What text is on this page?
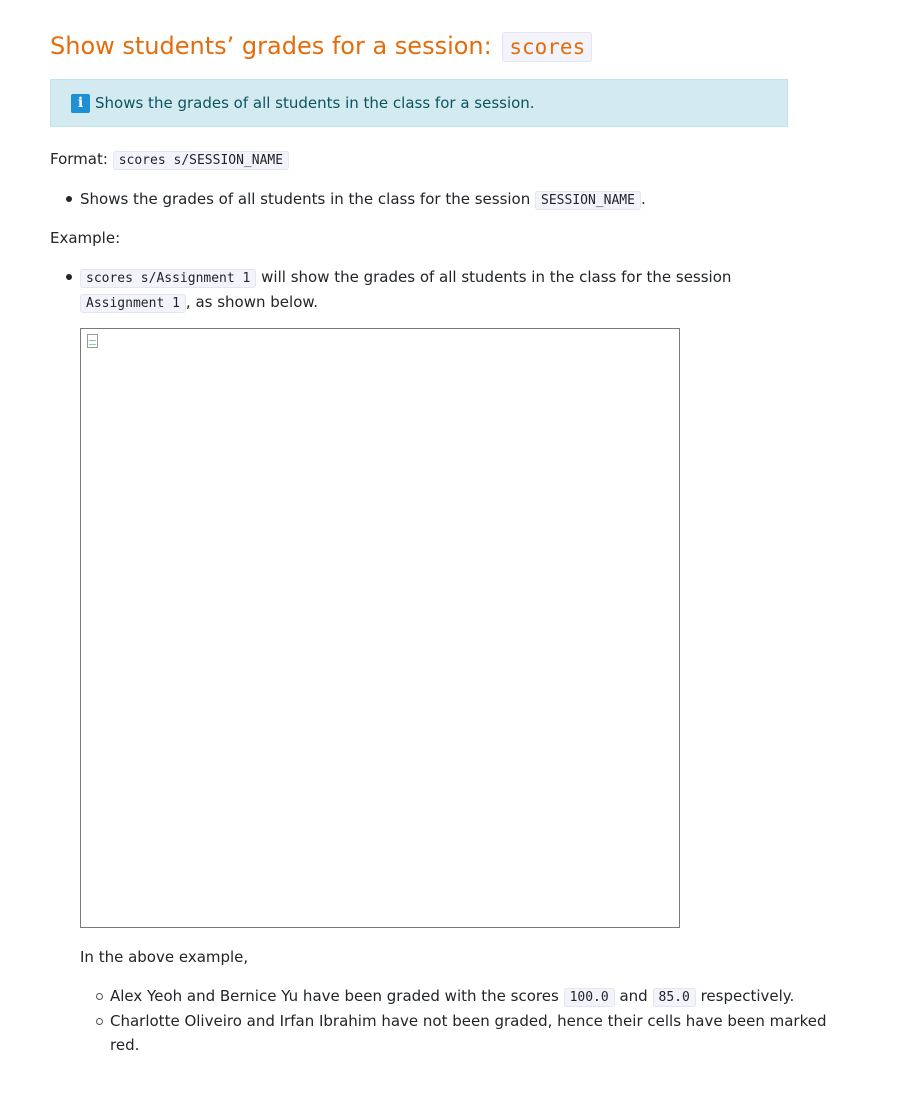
Show students’ grades for a session: scores
i Shows the grades of all students in the class for a session.
Format: scores s/SESSION_NAME
Shows the grades of all students in the class for the session SESSION_NAME .
Example:
scores s/Assignment 1 will show the grades of all students in the class for the session
Assignment 1 , as shown below.
In the above example,
Alex Yeoh and Bernice Yu have been graded with the scores 100.0 and 85.0 respectively.
Charlotte Oliveiro and Irfan Ibrahim have not been graded, hence their cells have been marked
red.
